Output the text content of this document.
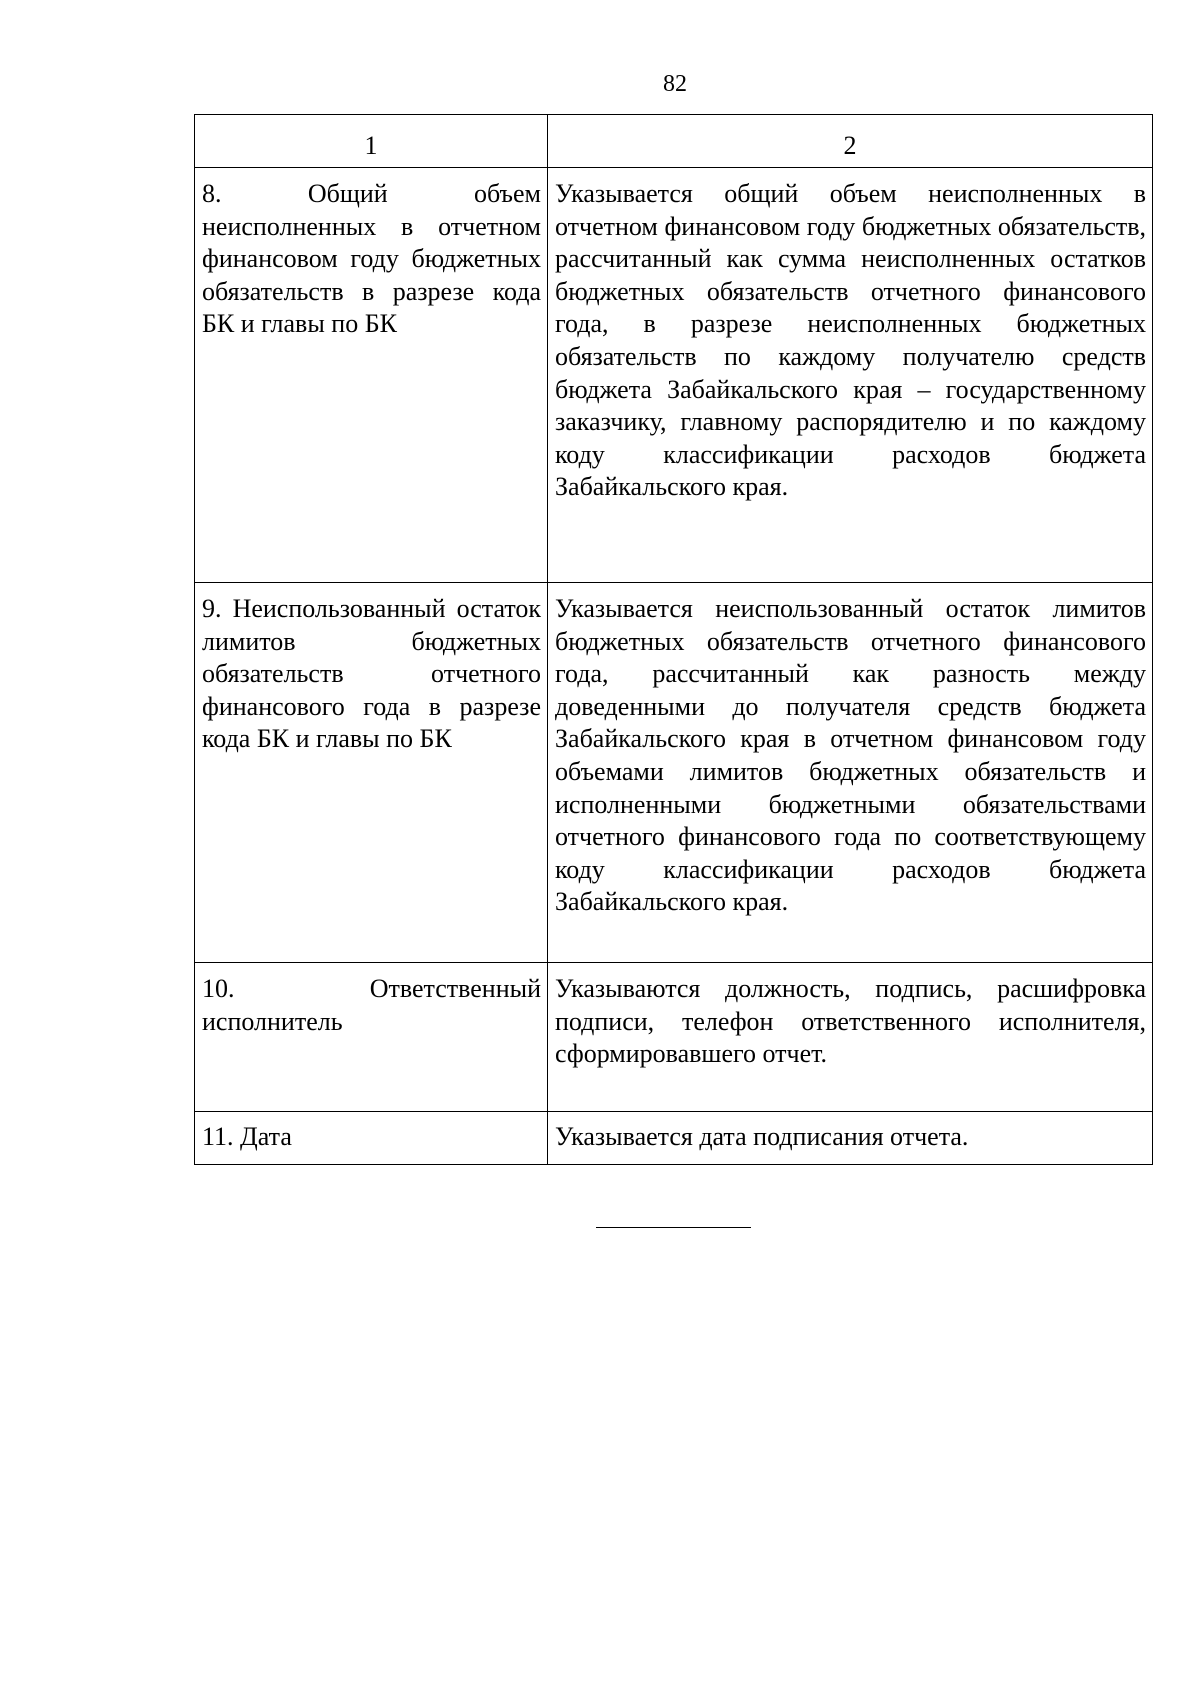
82
1	2
8. Общий объем неисполненных в отчетном финансовом году бюджетных обязательств в разрезе кода БК и главы по БК	Указывается общий объем неисполненных в отчетном финансовом году бюджетных обязательств, рассчитанный как сумма неисполненных остатков бюджетных обязательств отчетного финансового года, в разрезе неисполненных бюджетных обязательств по каждому получателю средств бюджета Забайкальского края – государственному заказчику, главному распорядителю и по каждому коду классификации расходов бюджета Забайкальского края.
9. Неиспользованный остаток лимитов бюджетных обязательств отчетного финансового года в разрезе кода БК и главы по БК	Указывается неиспользованный остаток лимитов бюджетных обязательств отчетного финансового года, рассчитанный как разность между доведенными до получателя средств бюджета Забайкальского края в отчетном финансовом году объемами лимитов бюджетных обязательств и исполненными бюджетными обязательствами отчетного финансового года по соответствующему коду классификации расходов бюджета Забайкальского края.
10. Ответственный исполнитель	Указываются должность, подпись, расшифровка подписи, телефон ответственного исполнителя, сформировавшего отчет.
11. Дата	Указывается дата подписания отчета.
